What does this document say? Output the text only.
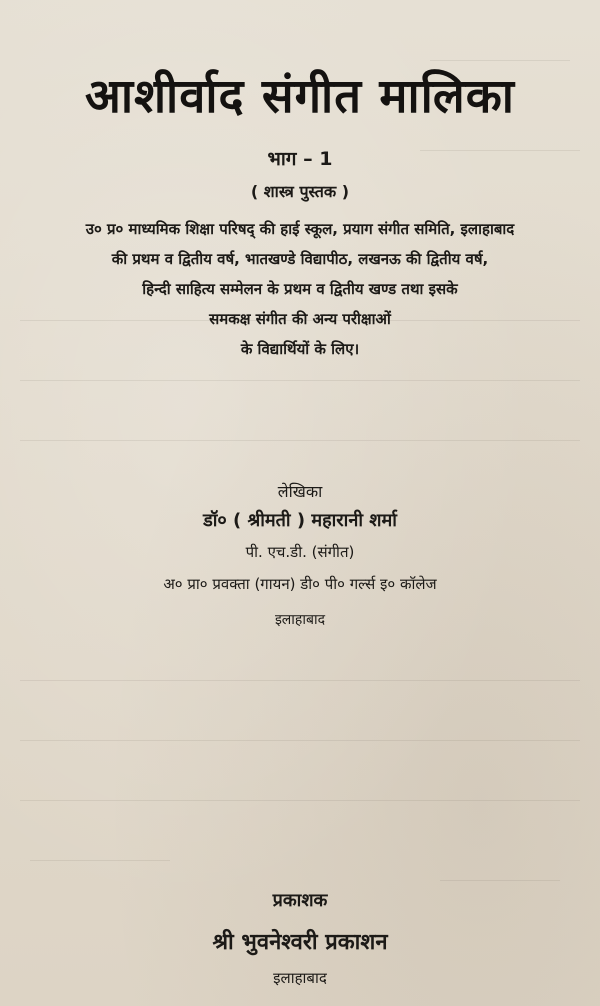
आशीर्वाद संगीत मालिका
भाग – 1
( शास्त्र पुस्तक )
उ० प्र० माध्यमिक शिक्षा परिषद् की हाई स्कूल, प्रयाग संगीत समिति, इलाहाबाद
की प्रथम व द्वितीय वर्ष, भातखण्डे विद्यापीठ, लखनऊ की द्वितीय वर्ष,
हिन्दी साहित्य सम्मेलन के प्रथम व द्वितीय खण्ड तथा इसके
समकक्ष संगीत की अन्य परीक्षाओं
के विद्यार्थियों के लिए।
लेखिका
डॉ० ( श्रीमती ) महारानी शर्मा
पी. एच.डी. (संगीत)
अ० प्रा० प्रवक्ता (गायन) डी० पी० गर्ल्स इ० कॉलेज
इलाहाबाद
प्रकाशक
श्री भुवनेश्वरी प्रकाशन
इलाहाबाद
